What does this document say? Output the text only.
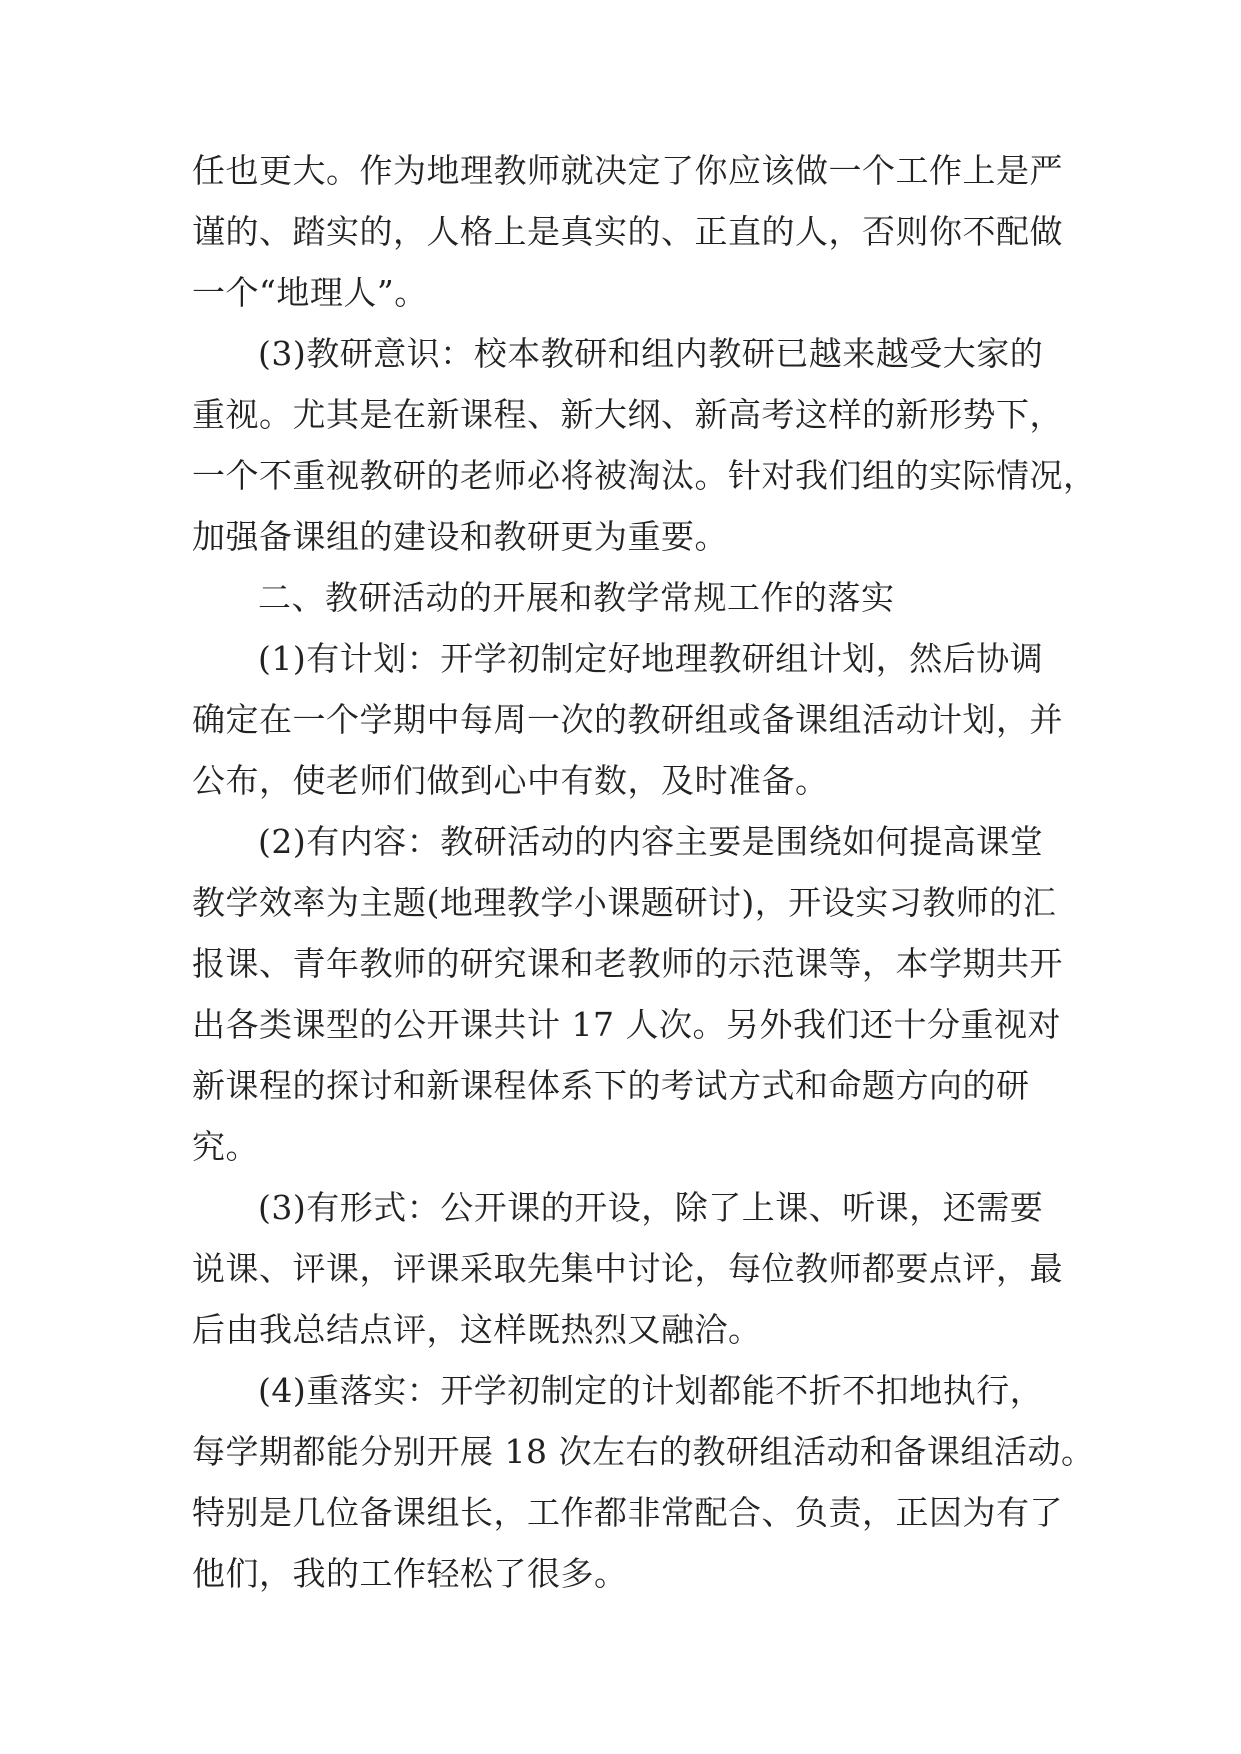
任也更大。作为地理教师就决定了你应该做一个工作上是严
谨的、踏实的，人格上是真实的、正直的人，否则你不配做
一个“地理人”。

(3)教研意识：校本教研和组内教研已越来越受大家的
重视。尤其是在新课程、新大纲、新高考这样的新形势下，
一个不重视教研的老师必将被淘汰。针对我们组的实际情况，
加强备课组的建设和教研更为重要。

二、教研活动的开展和教学常规工作的落实

(1)有计划：开学初制定好地理教研组计划，然后协调
确定在一个学期中每周一次的教研组或备课组活动计划，并
公布，使老师们做到心中有数，及时准备。

(2)有内容：教研活动的内容主要是围绕如何提高课堂
教学效率为主题(地理教学小课题研讨)，开设实习教师的汇
报课、青年教师的研究课和老教师的示范课等，本学期共开
出各类课型的公开课共计 17 人次。另外我们还十分重视对
新课程的探讨和新课程体系下的考试方式和命题方向的研
究。

(3)有形式：公开课的开设，除了上课、听课，还需要
说课、评课，评课采取先集中讨论，每位教师都要点评，最
后由我总结点评，这样既热烈又融洽。

(4)重落实：开学初制定的计划都能不折不扣地执行，
每学期都能分别开展 18 次左右的教研组活动和备课组活动。
特别是几位备课组长，工作都非常配合、负责，正因为有了
他们，我的工作轻松了很多。
